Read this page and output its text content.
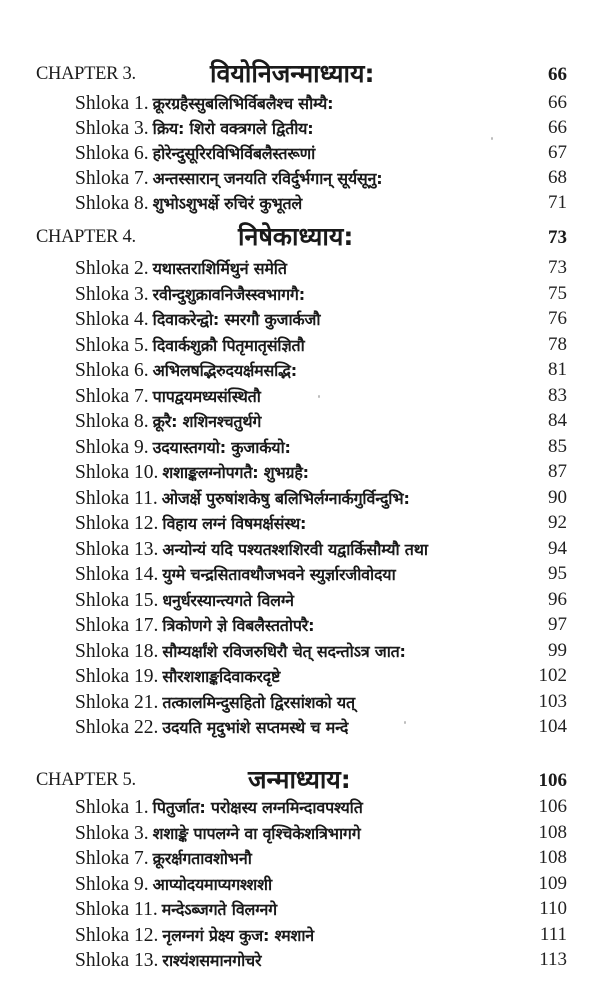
CHAPTER 3.	वियोनिजन्माध्याय:	66
Shloka 1. क्रूरग्रहैस्सुबलिभिर्विबलैश्च सौम्यै:	66
Shloka 3. क्रिय: शिरो वक्त्रगले द्वितीय:	66
Shloka 6. होरेन्दुसूरिरविभिर्विबलैस्तरूणां	67
Shloka 7. अन्तस्सारान् जनयति रविर्दुर्भगान् सूर्यसूनु:	68
Shloka 8. शुभोऽशुभर्क्षे रुचिरं कुभूतले	71
CHAPTER 4.	निषेकाध्याय:	73
Shloka 2. यथास्तराशिर्मिथुनं समेति	73
Shloka 3. रवीन्दुशुक्रावनिजैस्स्वभागगै:	75
Shloka 4. दिवाकरेन्द्वो: स्मरगौ कुजार्कजौ	76
Shloka 5. दिवार्कशुक्रौ पितृमातृसंज्ञितौ	78
Shloka 6. अभिलषद्भिरुदयर्क्षमसद्भि:	81
Shloka 7. पापद्वयमध्यसंस्थितौ	83
Shloka 8. क्रूरै: शशिनश्चतुर्थगे	84
Shloka 9. उदयास्तगयो: कुजार्कयो:	85
Shloka 10. शशाङ्कलग्नोपगतै: शुभग्रहै:	87
Shloka 11. ओजर्क्षे पुरुषांशकेषु बलिभिर्लग्नार्कगुर्विन्दुभि:	90
Shloka 12. विहाय लग्नं विषमर्क्षसंस्थ:	92
Shloka 13. अन्योन्यं यदि पश्यतश्शशिरवी यद्वार्किसौम्यौ तथा	94
Shloka 14. युग्मे चन्द्रसितावथौजभवने स्युर्ज्ञारजीवोदया	95
Shloka 15. धनुर्धरस्यान्त्यगते विलग्ने	96
Shloka 17. त्रिकोणगे ज्ञे विबलैस्ततोपरै:	97
Shloka 18. सौम्यर्क्षांशे रविजरुधिरौ चेत् सदन्तोऽत्र जात:	99
Shloka 19. सौरशशाङ्कदिवाकरदृष्टे	102
Shloka 21. तत्कालमिन्दुसहितो द्विरसांशको यत्	103
Shloka 22. उदयति मृदुभांशे सप्तमस्थे च मन्दे	104
CHAPTER 5.	जन्माध्याय:	106
Shloka 1. पितुर्जात: परोक्षस्य लग्नमिन्दावपश्यति	106
Shloka 3. शशाङ्के पापलग्ने वा वृश्चिकेशत्रिभागगे	108
Shloka 7. क्रूरर्क्षगतावशोभनौ	108
Shloka 9. आप्योदयमाप्यगश्शशी	109
Shloka 11. मन्देऽब्जगते विलग्नगे	110
Shloka 12. नृलग्नगं प्रेक्ष्य कुज: श्मशाने	111
Shloka 13. राश्यंशसमानगोचरे	113
